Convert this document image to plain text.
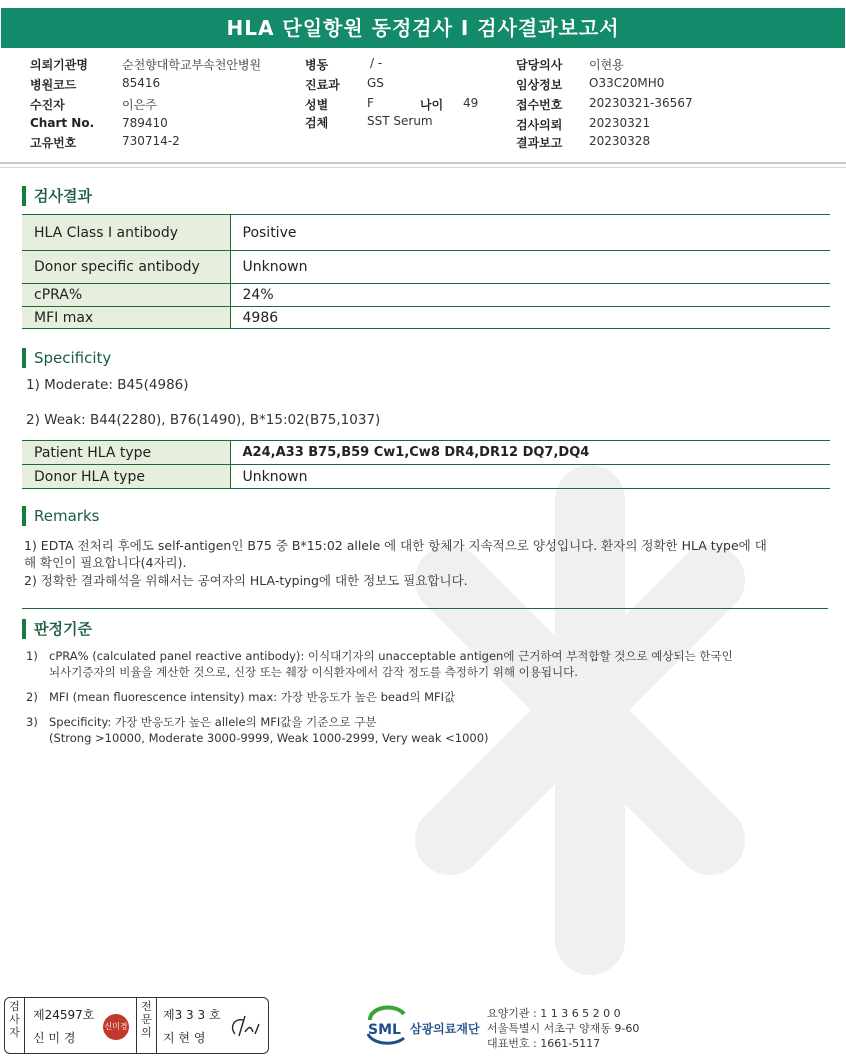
HLA 단일항원 동정검사 I 검사결과보고서
의뢰기관명	순천향대학교부속천안병원
병원코드	85416
수진자	이은주
Chart No. 789410
고유번호	730714-2
병동	/ -
진료과 GS
성별	F	나이 49
검체	SST Serum
담당의사 이현용
임상정보 O33C20MH0
접수번호 20230321-36567
검사의뢰 20230321
결과보고 20230328
검사결과
HLA Class I antibody	Positive
Donor specific antibody	Unknown
cPRA%	24%
MFI max	4986
Specificity
1) Moderate: B45(4986)
2) Weak: B44(2280), B76(1490), B*15:02(B75,1037)
Patient HLA type	A24,A33 B75,B59 Cw1,Cw8 DR4,DR12 DQ7,DQ4
Donor HLA type	Unknown
Remarks
1) EDTA 전처리 후에도 self-antigen인 B75 중 B*15:02 allele 에 대한 항체가 지속적으로 양성입니다. 환자의 정확한 HLA type에 대
해 확인이 필요합니다(4자리).
2) 정확한 결과해석을 위해서는 공여자의 HLA-typing에 대한 정보도 필요합니다.
판정기준
1) cPRA% (calculated panel reactive antibody): 이식대기자의 unacceptable antigen에 근거하여 부적합할 것으로 예상되는 한국인
뇌사기증자의 비율을 계산한 것으로, 신장 또는 췌장 이식환자에서 감작 정도를 측정하기 위해 이용됩니다.
2) MFI (mean fluorescence intensity) max: 가장 반응도가 높은 bead의 MFI값
3) Specificity: 가장 반응도가 높은 allele의 MFI값을 기준으로 구분
(Strong >10000, Moderate 3000-9999, Weak 1000-2999, Very weak <1000)
검사자
제24597호
신 미 경
신미경
전문의
제3 3 3 호
지 현 영	SML 삼광의료재단
요양기관 : 1 1 3 6 5 2 0 0
서울특별시 서초구 양재동 9-60
대표번호 : 1661-5117
